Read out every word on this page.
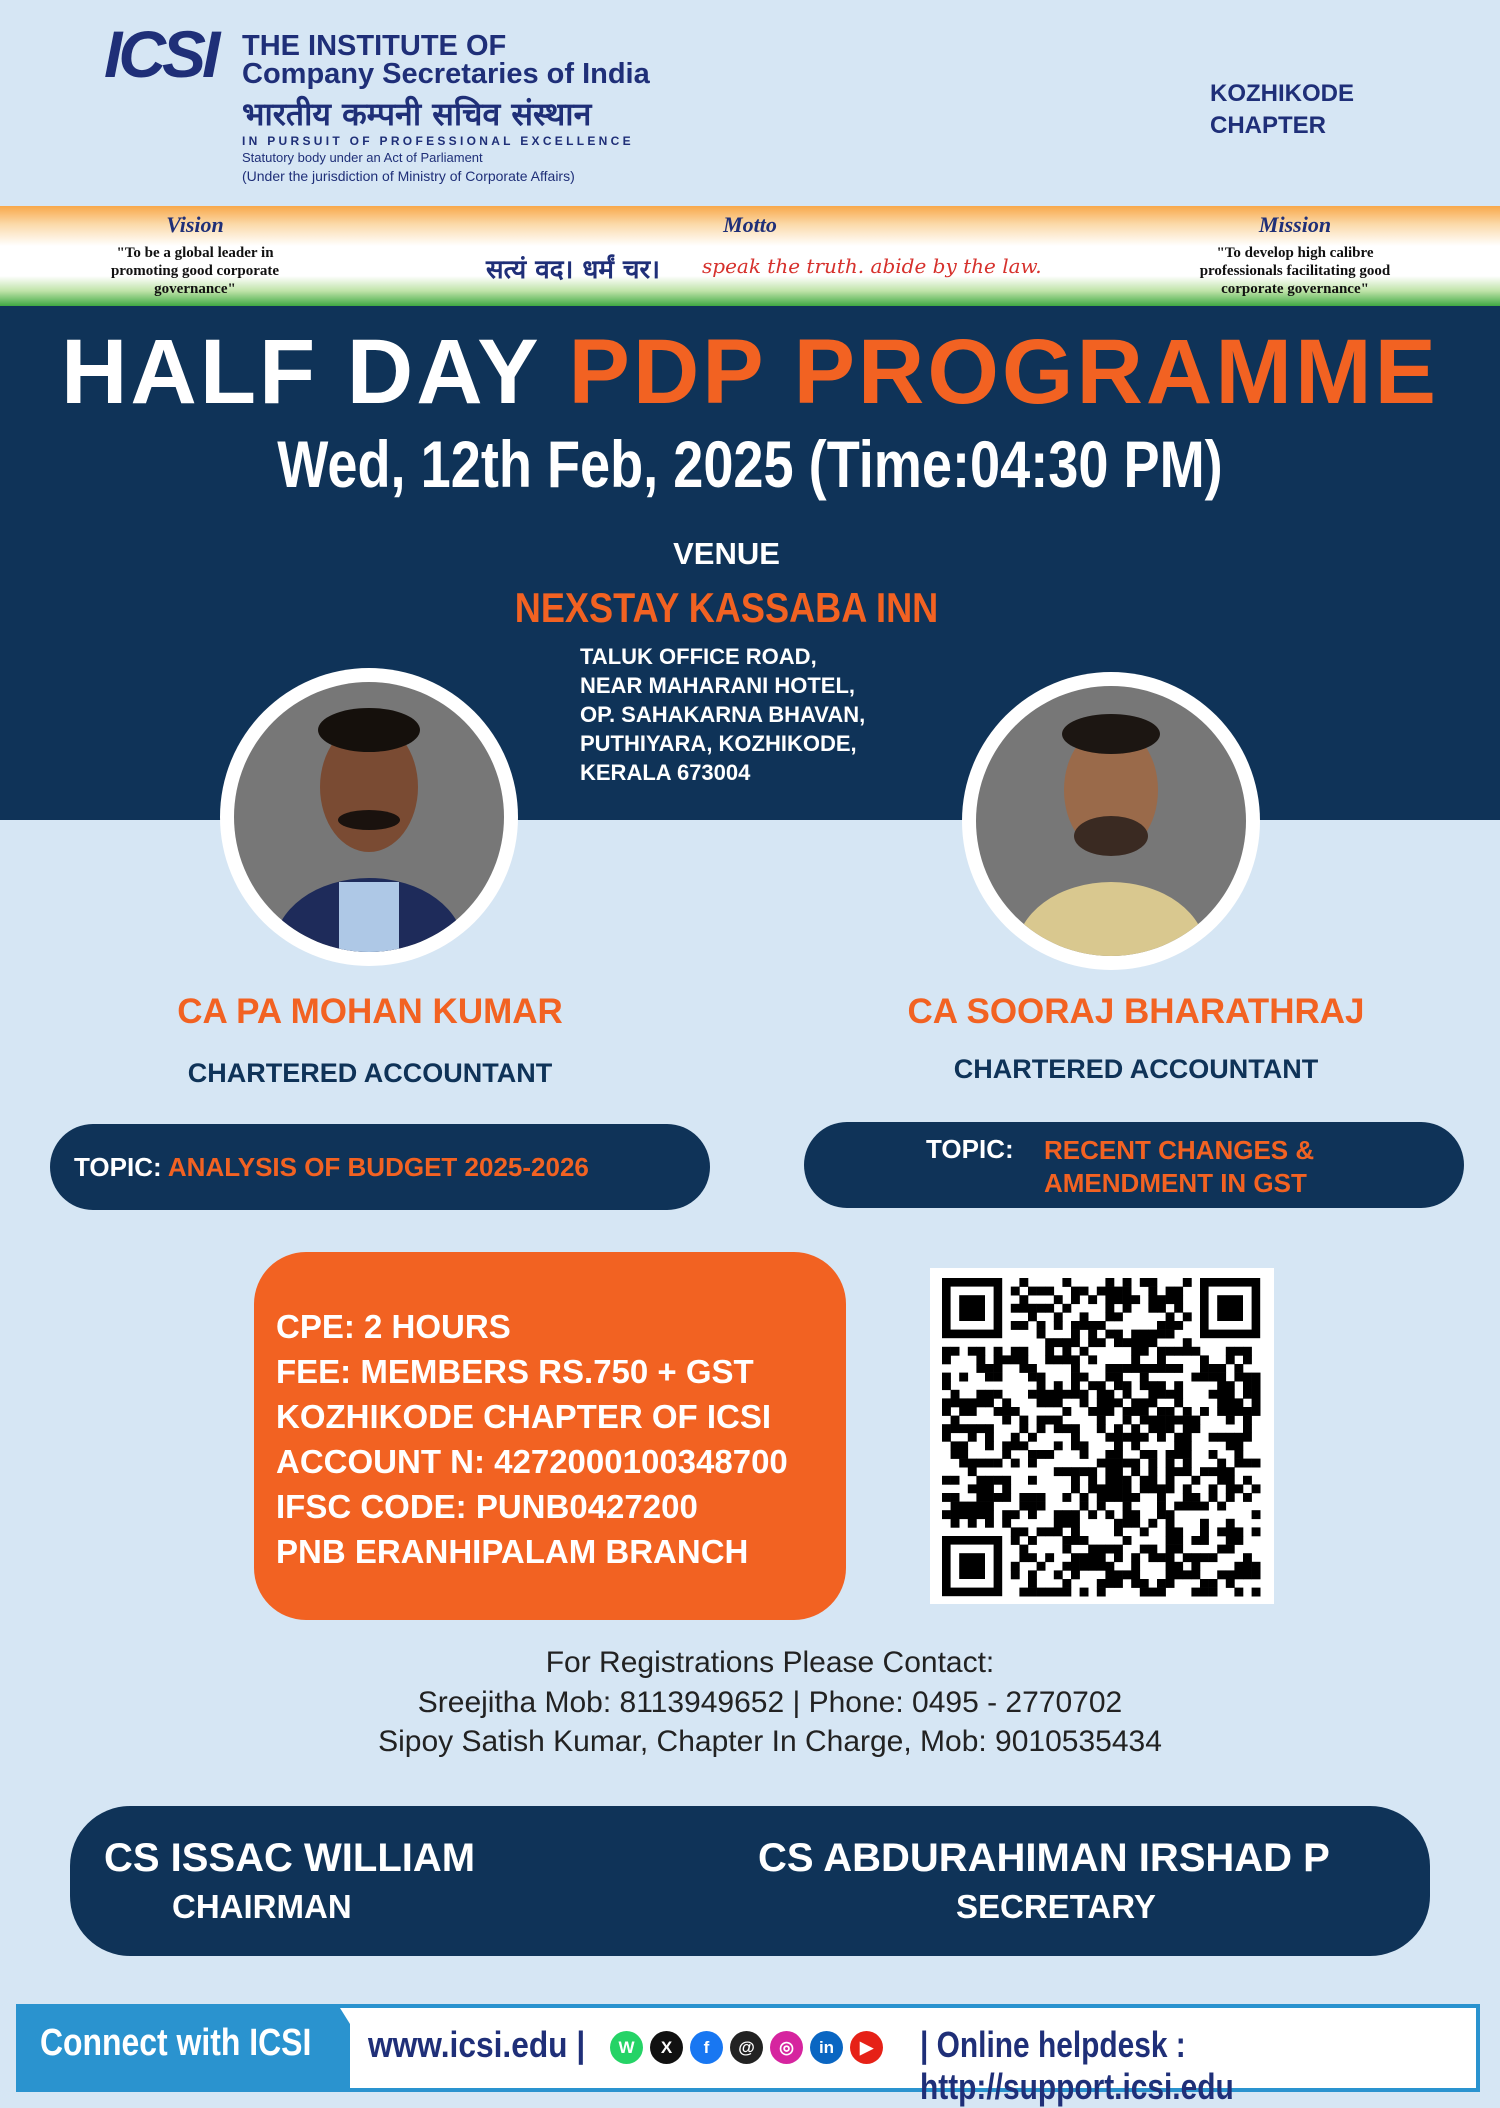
ICSI THE INSTITUTE OF
Company Secretaries of India
भारतीय कम्पनी सचिव संस्थान
IN PURSUIT OF PROFESSIONAL EXCELLENCE
Statutory body under an Act of Parliament
(Under the jurisdiction of Ministry of Corporate Affairs)
KOZHIKODE
CHAPTER
Vision
"To be a global leader in promoting good corporate governance"
Motto
सत्यं वद। धर्मं चर। speak the truth. abide by the law.
Mission
"To develop high calibre professionals facilitating good corporate governance"
HALF DAY PDP PROGRAMME
Wed, 12th Feb, 2025 (Time:04:30 PM)
VENUE
NEXSTAY KASSABA INN
TALUK OFFICE ROAD,
NEAR MAHARANI HOTEL,
OP. SAHAKARNA BHAVAN,
PUTHIYARA, KOZHIKODE,
KERALA 673004
CA PA MOHAN KUMAR
CHARTERED ACCOUNTANT
CA SOORAJ BHARATHRAJ
CHARTERED ACCOUNTANT
TOPIC: ANALYSIS OF BUDGET 2025-2026
TOPIC: RECENT CHANGES &
AMENDMENT IN GST
CPE: 2 HOURS
FEE: MEMBERS RS.750 + GST
KOZHIKODE CHAPTER OF ICSI
ACCOUNT N: 4272000100348700
IFSC CODE: PUNB0427200
PNB ERANHIPALAM BRANCH
For Registrations Please Contact:
Sreejitha Mob: 8113949652 | Phone: 0495 - 2770702
Sipoy Satish Kumar, Chapter In Charge, Mob: 9010535434
CS ISSAC WILLIAM
CHAIRMAN
CS ABDURAHIMAN IRSHAD P
SECRETARY
Connect with ICSI www.icsi.edu |	W	X	f	@	◎	in	▶ | Online helpdesk : http://support.icsi.edu
